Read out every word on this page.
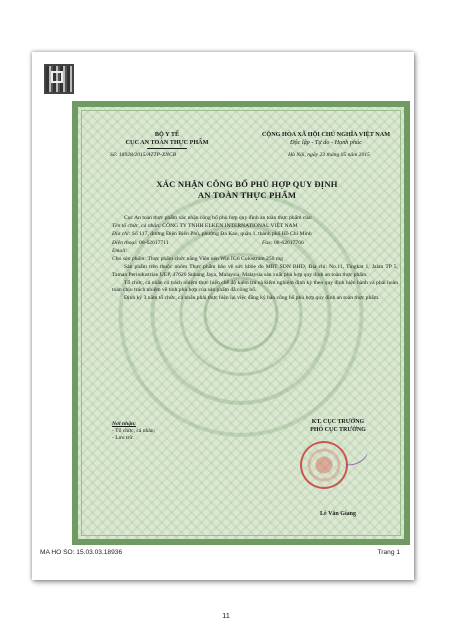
BỘ Y TẾ
CỤC AN TOÀN THỰC PHẨM
Số: 18928/2015/ATTP-XNCB
CỘNG HÒA XÃ HỘI CHỦ NGHĨA VIỆT NAM
Độc lập - Tự do - Hạnh phúc
Hà Nội, ngày 23 tháng 05 năm 2015
XÁC NHẬN CÔNG BỐ PHÙ HỢP QUY ĐỊNH
AN TOÀN THỰC PHẨM

Cục An toàn thực phẩm xác nhận công bố phù hợp quy định an toàn thực phẩm của:

Tên tổ chức, cá nhân: CÔNG TY TNHH ELKEN INTERNATIONAL VIỆT NAM

Địa chỉ: Số 117, đường Điện Biên Phủ, phường Đa Kao, quận 1, thành phố Hồ Chí Minh

Điện thoại: 08-62617711	Fax: 08-62617766

Email:

Cho sản phẩm: Thực phẩm chức năng Viên nén Win IG6 Colostrum 250 mg

Sản phẩm trên thuộc nhóm Thực phẩm bảo vệ sức khỏe do MRT SDN BHD; Địa chỉ: No.11, Tingkat 1, Jalan TP 5, Taman Perindustrian UEP, 47620 Subang Jaya, Malaysia, Malaysia sản xuất phù hợp quy định an toàn thực phẩm.

Tổ chức, cá nhân có trách nhiệm thực hiện chế độ kiểm tra và kiểm nghiệm định kỳ theo quy định hiện hành và phải hoàn toàn chịu trách nhiệm về tính phù hợp của sản phẩm đã công bố.

Định kỳ 3 năm tổ chức, cá nhân phải thực hiện lại việc đăng ký bản công bố phù hợp quy định an toàn thực phẩm.

Nơi nhận:
- Tổ chức, cá nhân;
- Lưu trữ.
KT. CỤC TRƯỞNG
PHÓ CỤC TRƯỞNG
Lê Văn Giang
MA HO SO: 15.03.03.18936	Trang 1
11
